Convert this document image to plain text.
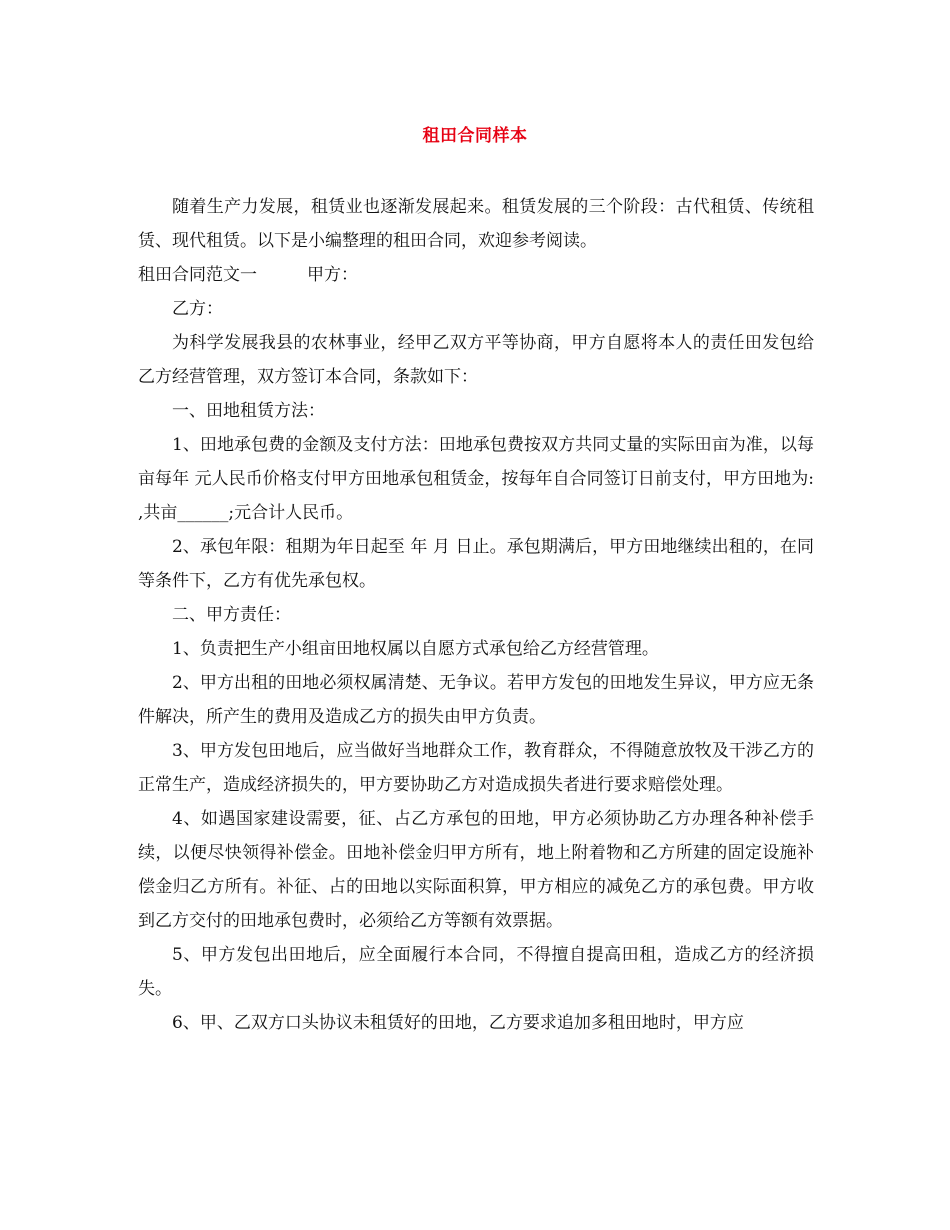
租田合同样本

随着生产力发展，租赁业也逐渐发展起来。租赁发展的三个阶段：古代租赁、传统租赁、现代租赁。以下是小编整理的租田合同，欢迎参考阅读。

租田合同范文一	甲方：

乙方：

为科学发展我县的农林事业，经甲乙双方平等协商，甲方自愿将本人的责任田发包给乙方经营管理，双方签订本合同，条款如下：

一、田地租赁方法：

1、田地承包费的金额及支付方法：田地承包费按双方共同丈量的实际田亩为准，以每亩每年 元人民币价格支付甲方田地承包租赁金，按每年自合同签订日前支付，甲方田地为: ,共亩______;元合计人民币。

2、承包年限：租期为年日起至 年 月 日止。承包期满后，甲方田地继续出租的，在同等条件下，乙方有优先承包权。

二、甲方责任：

1、负责把生产小组亩田地权属以自愿方式承包给乙方经营管理。

2、甲方出租的田地必须权属清楚、无争议。若甲方发包的田地发生异议，甲方应无条件解决，所产生的费用及造成乙方的损失由甲方负责。

3、甲方发包田地后，应当做好当地群众工作，教育群众，不得随意放牧及干涉乙方的正常生产，造成经济损失的，甲方要协助乙方对造成损失者进行要求赔偿处理。

4、如遇国家建设需要，征、占乙方承包的田地，甲方必须协助乙方办理各种补偿手续，以便尽快领得补偿金。田地补偿金归甲方所有，地上附着物和乙方所建的固定设施补偿金归乙方所有。补征、占的田地以实际面积算，甲方相应的减免乙方的承包费。甲方收到乙方交付的田地承包费时，必须给乙方等额有效票据。

5、甲方发包出田地后，应全面履行本合同，不得擅自提高田租，造成乙方的经济损失。

6、甲、乙双方口头协议未租赁好的田地，乙方要求追加多租田地时，甲方应
